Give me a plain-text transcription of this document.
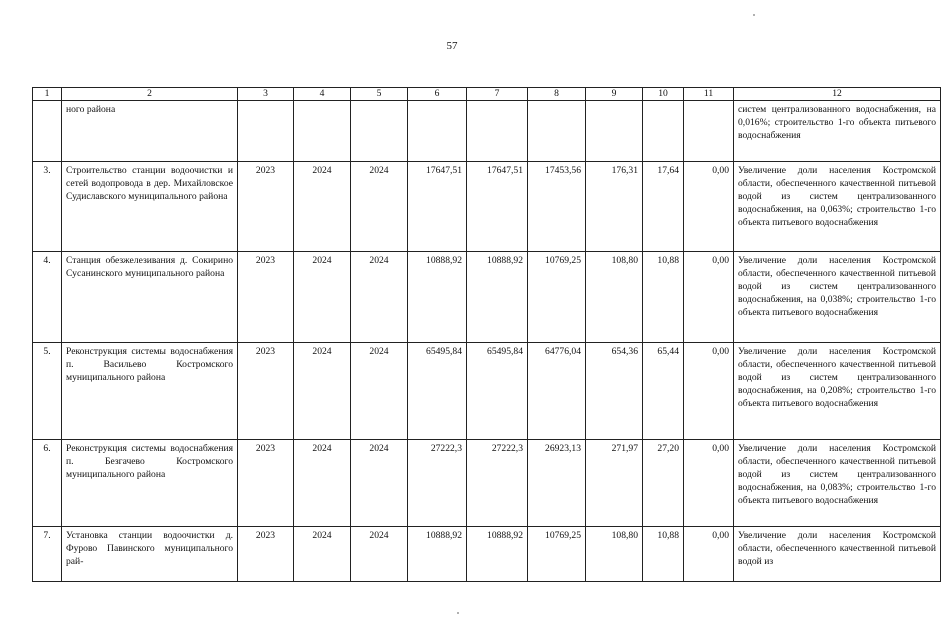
57
1	2	3	4	5	6	7	8	9	10	11	12
	ного района										систем централизованного водоснабжения, на 0,016%; строительство 1-го объекта питьевого водоснабжения
3.	Строительство станции водоочистки и сетей водопровода в дер. Михайловское Судиславского муниципального района	2023	2024	2024	17647,51	17647,51	17453,56	176,31	17,64	0,00	Увеличение доли населения Костромской области, обеспеченного качественной питьевой водой из систем централизованного водоснабжения, на 0,063%; строительство 1-го объекта питьевого водоснабжения
4.	Станция обезжелезивания д. Сокирино Сусанинского муниципального района	2023	2024	2024	10888,92	10888,92	10769,25	108,80	10,88	0,00	Увеличение доли населения Костромской области, обеспеченного качественной питьевой водой из систем централизованного водоснабжения, на 0,038%; строительство 1-го объекта питьевого водоснабжения
5.	Реконструкция системы водоснабжения п. Васильево Костромского муниципального района	2023	2024	2024	65495,84	65495,84	64776,04	654,36	65,44	0,00	Увеличение доли населения Костромской области, обеспеченного качественной питьевой водой из систем централизованного водоснабжения, на 0,208%; строительство 1-го объекта питьевого водоснабжения
6.	Реконструкция системы водоснабжения п. Безгачево Костромского муниципального района	2023	2024	2024	27222,3	27222,3	26923,13	271,97	27,20	0,00	Увеличение доли населения Костромской области, обеспеченного качественной питьевой водой из систем централизованного водоснабжения, на 0,083%; строительство 1-го объекта питьевого водоснабжения
7.	Установка станции водоочистки д. Фурово Павинского муниципального рай-	2023	2024	2024	10888,92	10888,92	10769,25	108,80	10,88	0,00	Увеличение доли населения Костромской области, обеспеченного качественной питьевой водой из
